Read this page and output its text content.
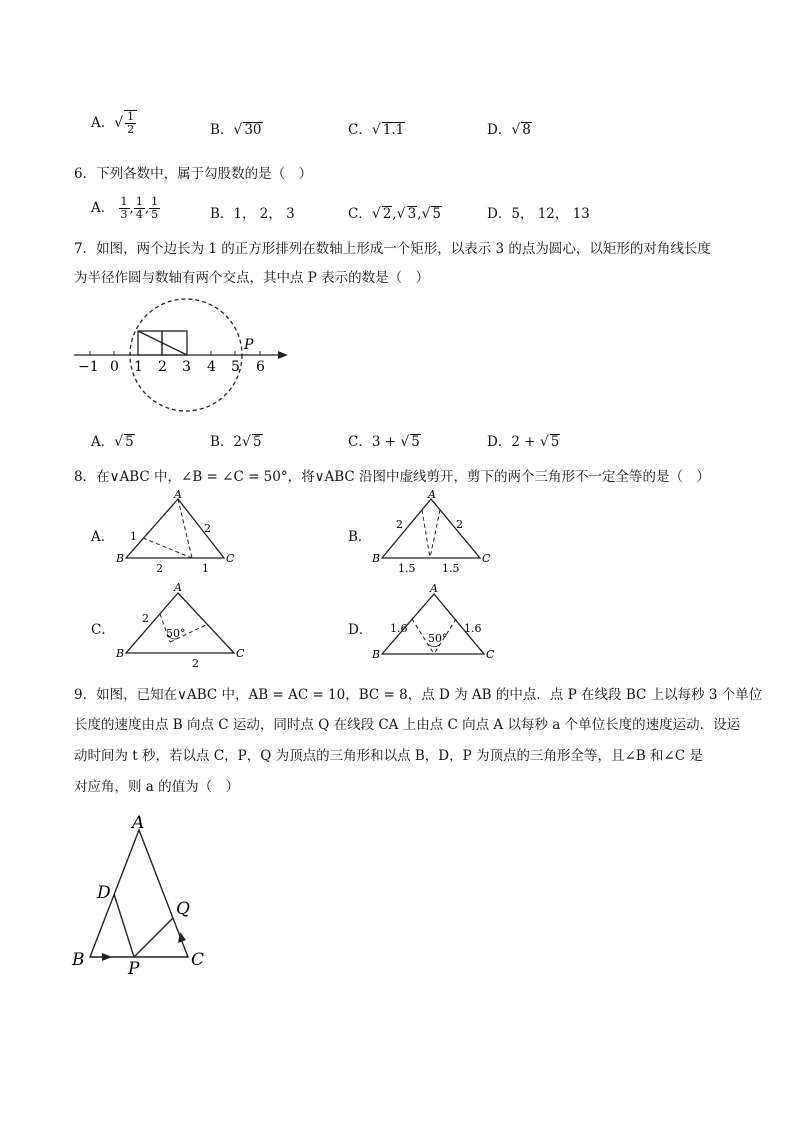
A．√ $\frac{1}{2}$	B．√ 30	C．√ 1.1	D．√ 8
6．下列各数中，属于勾股数的是（　）
A． $\frac{1}{3}$ , $\frac{1}{4}$ , $\frac{1}{5}$	B．1， 2， 3	C．√ 2,√ 3,√ 5	D．5， 12， 13
7．如图，两个边长为 1 的正方形排列在数轴上形成一个矩形，以表示 3 的点为圆心，以矩形的对角线长度
为半径作圆与数轴有两个交点，其中点 P 表示的数是（　）
−1 0 1 2 3 4 5 6
P
A．√ 5	B．2√ 5	C．3 + √ 5	D．2 + √ 5
8．在∨ABC 中，∠B = ∠C = 50°，将∨ABC 沿图中虚线剪开，剪下的两个三角形不一定全等的是（　）
A．
A
B	C
1
2
2	1
B．
A
B	C
2	2
1.5 1.5
C．
A
B	C
2
50°
2
D．
A
B	C
1.6	1.6
50°
9．如图，已知在∨ABC 中，AB = AC = 10，BC = 8，点 D 为 AB 的中点．点 P 在线段 BC 上以每秒 3 个单位
长度的速度由点 B 向点 C 运动，同时点 Q 在线段 CA 上由点 C 向点 A 以每秒 a 个单位长度的速度运动．设运
动时间为 t 秒，若以点 C，P，Q 为顶点的三角形和以点 B，D，P 为顶点的三角形全等，且∠B 和∠C 是
对应角，则 a 的值为（　）
A
D
Q
B	P	C
